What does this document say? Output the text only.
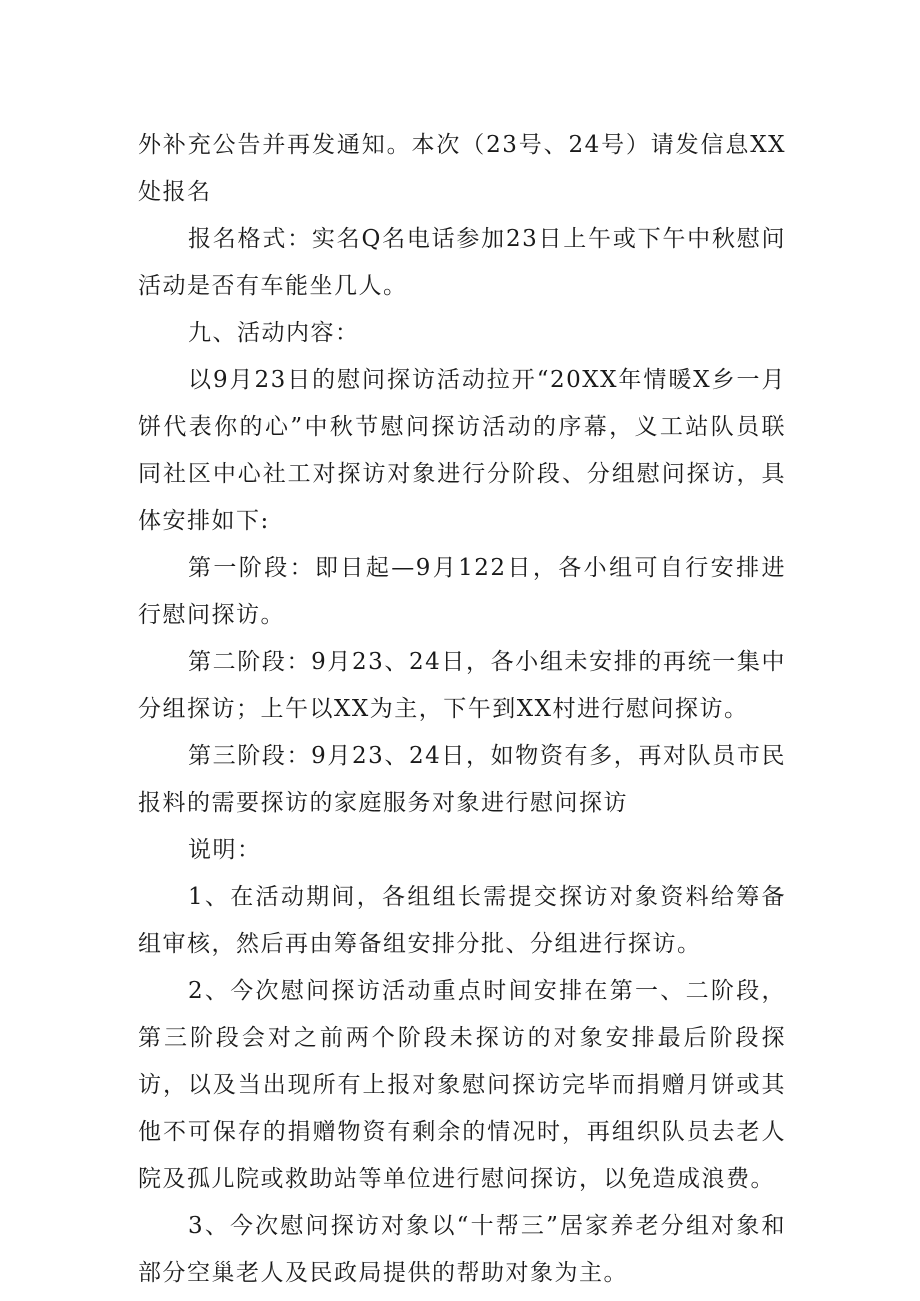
外补充公告并再发通知。本次（23号、24号）请发信息XX处报名

报名格式：实名Q名电话参加23日上午或下午中秋慰问活动是否有车能坐几人。

九、活动内容：

以9月23日的慰问探访活动拉开“20XX年情暖X乡一月饼代表你的心”中秋节慰问探访活动的序幕，义工站队员联同社区中心社工对探访对象进行分阶段、分组慰问探访，具体安排如下:

第一阶段：即日起—9月122日，各小组可自行安排进行慰问探访。

第二阶段：9月23、24日，各小组未安排的再统一集中分组探访；上午以XX为主，下午到XX村进行慰问探访。

第三阶段：9月23、24日，如物资有多，再对队员市民报料的需要探访的家庭服务对象进行慰问探访

说明：

1、在活动期间，各组组长需提交探访对象资料给筹备组审核，然后再由筹备组安排分批、分组进行探访。

2、今次慰问探访活动重点时间安排在第一、二阶段，第三阶段会对之前两个阶段未探访的对象安排最后阶段探访，以及当出现所有上报对象慰问探访完毕而捐赠月饼或其他不可保存的捐赠物资有剩余的情况时，再组织队员去老人院及孤儿院或救助站等单位进行慰问探访，以免造成浪费。

3、今次慰问探访对象以“十帮三”居家养老分组对象和部分空巢老人及民政局提供的帮助对象为主。
